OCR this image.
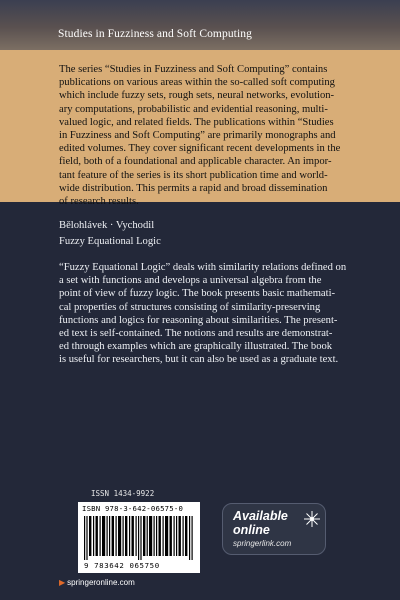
Studies in Fuzziness and Soft Computing

The series “Studies in Fuzziness and Soft Computing” contains

publications on various areas within the so-called soft computing

which include fuzzy sets, rough sets, neural networks, evolution-

ary computations, probabilistic and evidential reasoning, multi-

valued logic, and related fields. The publications within “Studies

in Fuzziness and Soft Computing” are primarily monographs and

edited volumes. They cover significant recent developments in the

field, both of a foundational and applicable character. An impor-

tant feature of the series is its short publication time and world-

wide distribution. This permits a rapid and broad dissemination

of research results.

Bělohlávek · Vychodil
Fuzzy Equational Logic

“Fuzzy Equational Logic” deals with similarity relations defined on

a set with functions and develops a universal algebra from the

point of view of fuzzy logic. The book presents basic mathemati-

cal properties of structures consisting of similarity-preserving

functions and logics for reasoning about similarities. The present-

ed text is self-contained. The notions and results are demonstrat-

ed through examples which are graphically illustrated. The book

is useful for researchers, but it can also be used as a graduate text.

ISSN 1434-9922
ISBN 978-3-642-06575-0
9 783642 065750
Available
online
springerlink.com
▶ springeronline.com
